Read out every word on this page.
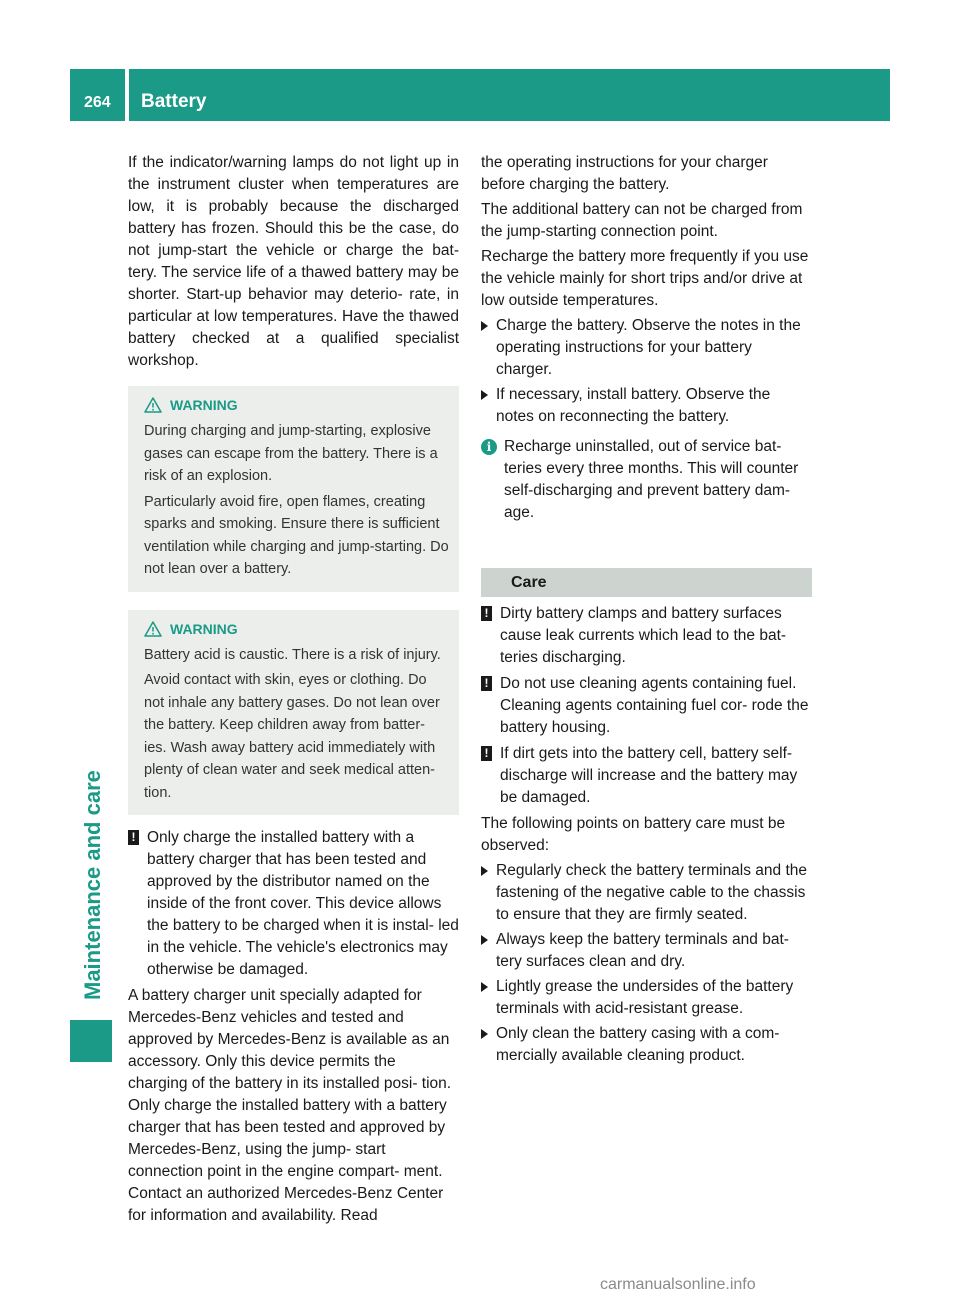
264	Battery
Maintenance and care

If the indicator/warning lamps do not light up in the instrument cluster when temperatures are low, it is probably because the discharged battery has frozen. Should this be the case, do not jump-start the vehicle or charge the bat- tery. The service life of a thawed battery may be shorter. Start-up behavior may deterio- rate, in particular at low temperatures. Have the thawed battery checked at a qualified specialist workshop.

WARNING

During charging and jump-starting, explosive gases can escape from the battery. There is a risk of an explosion.

Particularly avoid fire, open flames, creating sparks and smoking. Ensure there is sufficient ventilation while charging and jump-starting. Do not lean over a battery.

WARNING

Battery acid is caustic. There is a risk of injury.

Avoid contact with skin, eyes or clothing. Do not inhale any battery gases. Do not lean over the battery. Keep children away from batter- ies. Wash away battery acid immediately with plenty of clean water and seek medical atten- tion.

! Only charge the installed battery with a battery charger that has been tested and approved by the distributor named on the inside of the front cover. This device allows the battery to be charged when it is instal- led in the vehicle. The vehicle's electronics may otherwise be damaged.

A battery charger unit specially adapted for Mercedes-Benz vehicles and tested and approved by Mercedes-Benz is available as an accessory. Only this device permits the charging of the battery in its installed posi- tion. Only charge the installed battery with a battery charger that has been tested and approved by Mercedes-Benz, using the jump- start connection point in the engine compart- ment. Contact an authorized Mercedes-Benz Center for information and availability. Read

the operating instructions for your charger before charging the battery.

The additional battery can not be charged from the jump-starting connection point.

Recharge the battery more frequently if you use the vehicle mainly for short trips and/or drive at low outside temperatures.

Charge the battery. Observe the notes in the operating instructions for your battery charger.

If necessary, install battery. Observe the notes on reconnecting the battery.

i Recharge uninstalled, out of service bat- teries every three months. This will counter self-discharging and prevent battery dam- age.

Care
! Dirty battery clamps and battery surfaces cause leak currents which lead to the bat- teries discharging.

! Do not use cleaning agents containing fuel. Cleaning agents containing fuel cor- rode the battery housing.

! If dirt gets into the battery cell, battery self-discharge will increase and the battery may be damaged.

The following points on battery care must be observed:

Regularly check the battery terminals and the fastening of the negative cable to the chassis to ensure that they are firmly seated.

Always keep the battery terminals and bat- tery surfaces clean and dry.

Lightly grease the undersides of the battery terminals with acid-resistant grease.

Only clean the battery casing with a com- mercially available cleaning product.

carmanualsonline.info
